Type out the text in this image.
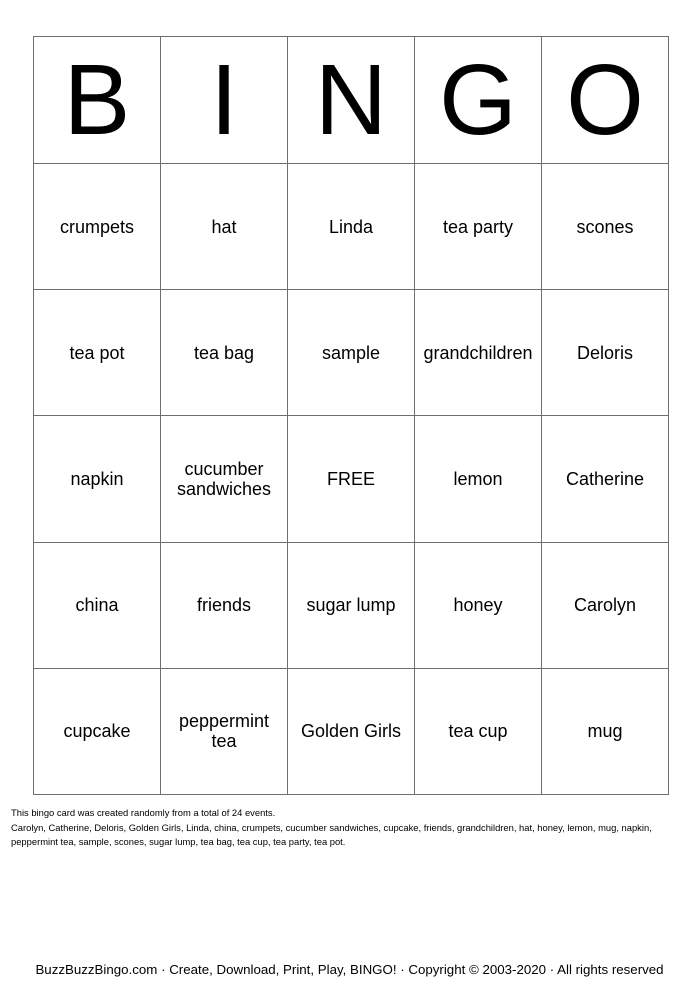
B	I	N	G	O
crumpets	hat	Linda	tea party	scones
tea pot	tea bag	sample	grandchildren	Deloris
napkin	cucumber sandwiches	FREE	lemon	Catherine
china	friends	sugar lump	honey	Carolyn
cupcake	peppermint tea	Golden Girls	tea cup	mug
This bingo card was created randomly from a total of 24 events.
Carolyn, Catherine, Deloris, Golden Girls, Linda, china, crumpets, cucumber sandwiches, cupcake, friends, grandchildren, hat, honey, lemon, mug, napkin, peppermint tea, sample, scones, sugar lump, tea bag, tea cup, tea party, tea pot.
BuzzBuzzBingo.com · Create, Download, Print, Play, BINGO! · Copyright © 2003-2020 · All rights reserved
